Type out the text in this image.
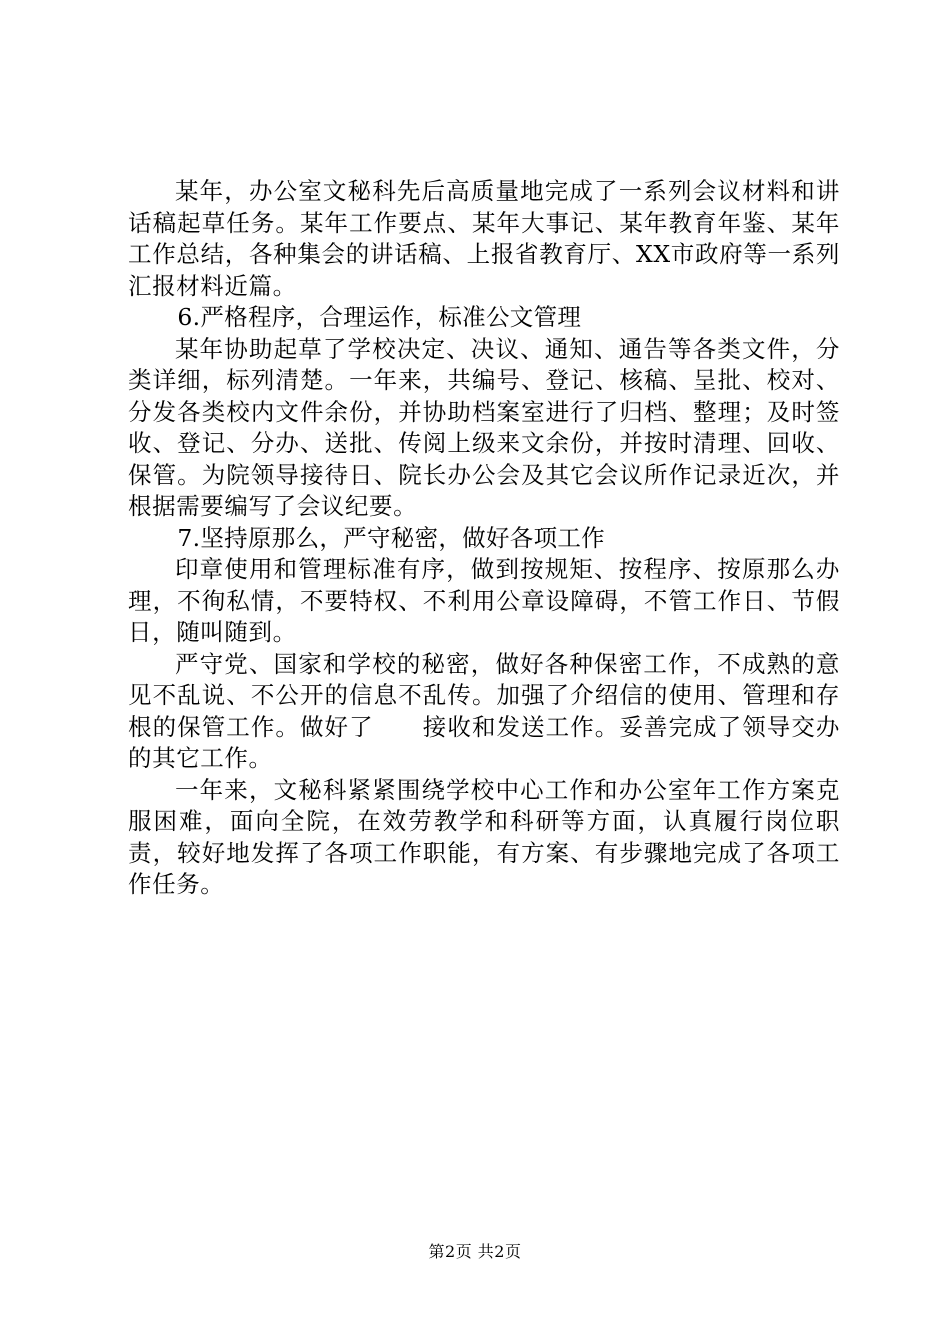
某年，办公室文秘科先后高质量地完成了一系列会议材料和讲话稿起草任务。某年工作要点、某年大事记、某年教育年鉴、某年工作总结，各种集会的讲话稿、上报省教育厅、XX市政府等一系列汇报材料近篇。

6.严格程序，合理运作，标准公文管理

某年协助起草了学校决定、决议、通知、通告等各类文件，分类详细，标列清楚。一年来，共编号、登记、核稿、呈批、校对、分发各类校内文件余份，并协助档案室进行了归档、整理；及时签收、登记、分办、送批、传阅上级来文余份，并按时清理、回收、保管。为院领导接待日、院长办公会及其它会议所作记录近次，并根据需要编写了会议纪要。

7.坚持原那么，严守秘密，做好各项工作

印章使用和管理标准有序，做到按规矩、按程序、按原那么办理，不徇私情，不要特权、不利用公章设障碍，不管工作日、节假日，随叫随到。

严守党、国家和学校的秘密，做好各种保密工作，不成熟的意见不乱说、不公开的信息不乱传。加强了介绍信的使用、管理和存根的保管工作。做好了　　接收和发送工作。妥善完成了领导交办的其它工作。

一年来，文秘科紧紧围绕学校中心工作和办公室年工作方案克服困难，面向全院，在效劳教学和科研等方面，认真履行岗位职责，较好地发挥了各项工作职能，有方案、有步骤地完成了各项工作任务。

第2页 共2页
